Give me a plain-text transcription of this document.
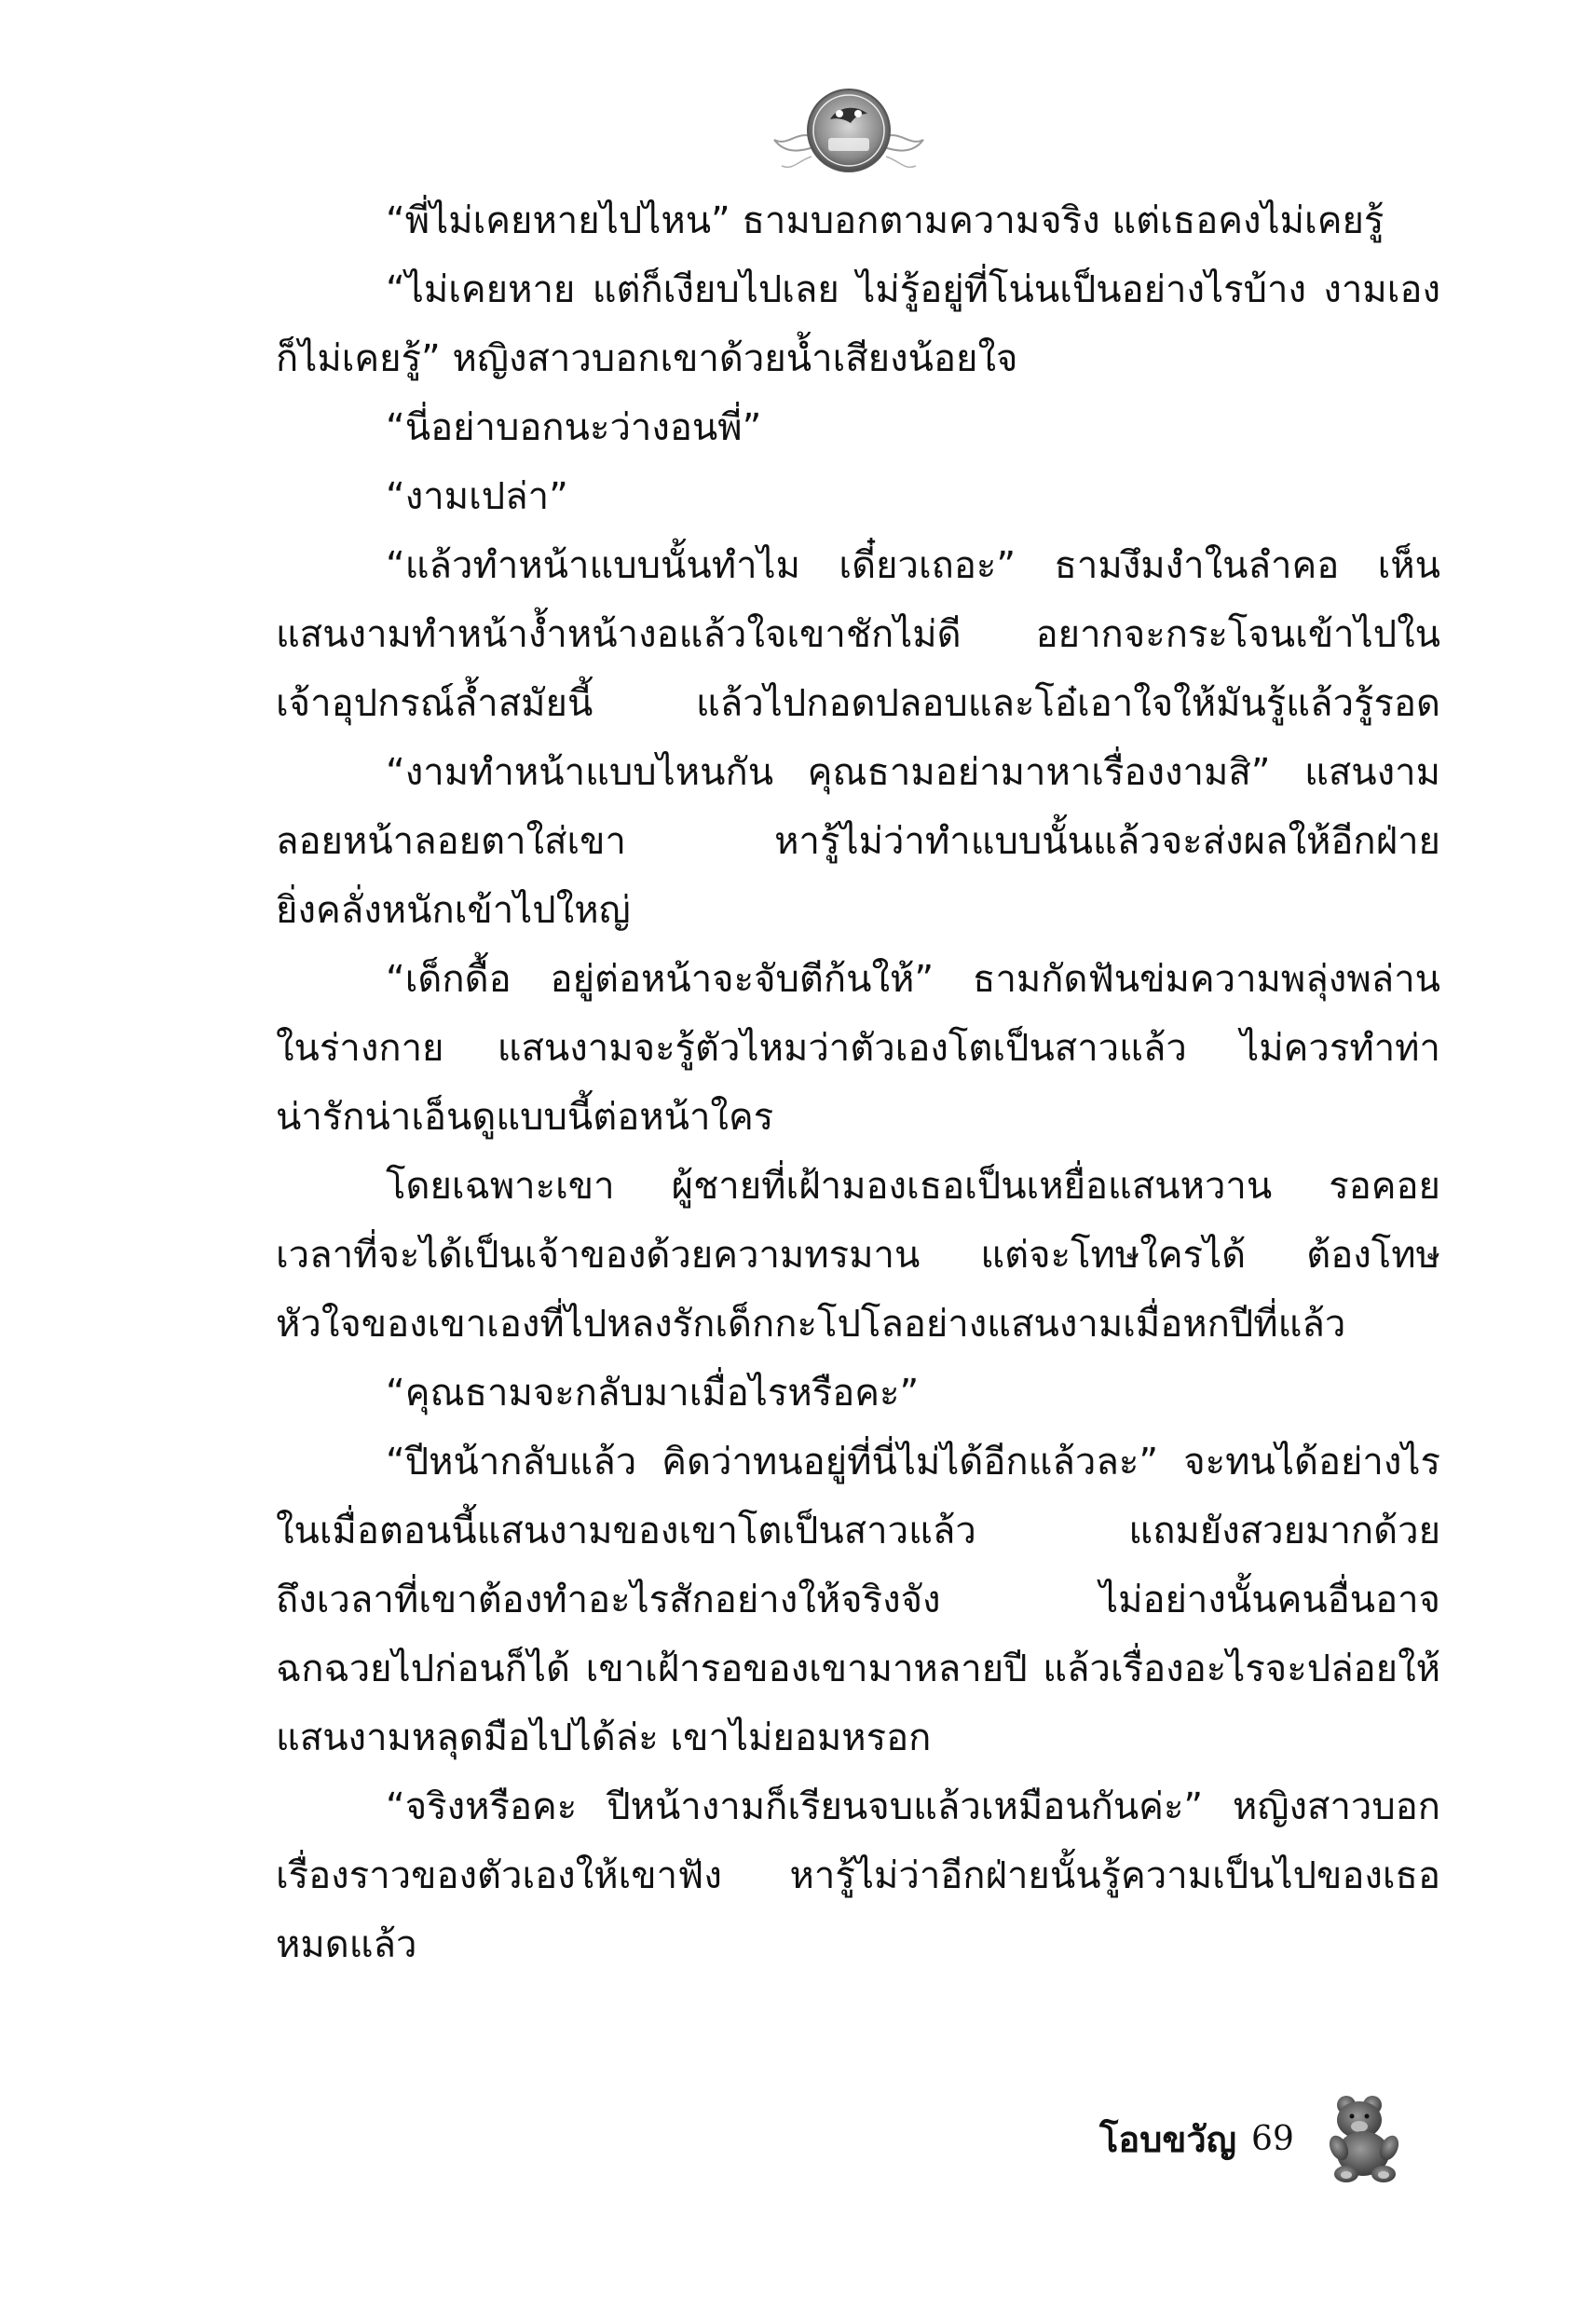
“พี่ไม่เคยหายไปไหน” ธามบอกตามความจริง แต่เธอคงไม่เคยรู้
“ไม่เคยหาย แต่ก็เงียบไปเลย ไม่รู้อยู่ที่โน่นเป็นอย่างไรบ้าง งามเอง
ก็ไม่เคยรู้” หญิงสาวบอกเขาด้วยน้ำเสียงน้อยใจ
“นี่อย่าบอกนะว่างอนพี่”
“งามเปล่า”
“แล้วทำหน้าแบบนั้นทำไม เดี๋ยวเถอะ” ธามงึมงำในลำคอ เห็น
แสนงามทำหน้างํ้าหน้างอแล้วใจเขาชักไม่ดี อยากจะกระโจนเข้าไปใน
เจ้าอุปกรณ์ล้ำสมัยนี้ แล้วไปกอดปลอบและโอ๋เอาใจให้มันรู้แล้วรู้รอด
“งามทำหน้าแบบไหนกัน คุณธามอย่ามาหาเรื่องงามสิ” แสนงาม
ลอยหน้าลอยตาใส่เขา หารู้ไม่ว่าทำแบบนั้นแล้วจะส่งผลให้อีกฝ่าย
ยิ่งคลั่งหนักเข้าไปใหญ่
“เด็กดื้อ อยู่ต่อหน้าจะจับตีก้นให้” ธามกัดฟันข่มความพลุ่งพล่าน
ในร่างกาย แสนงามจะรู้ตัวไหมว่าตัวเองโตเป็นสาวแล้ว ไม่ควรทำท่า
น่ารักน่าเอ็นดูแบบนี้ต่อหน้าใคร
โดยเฉพาะเขา ผู้ชายที่เฝ้ามองเธอเป็นเหยื่อแสนหวาน รอคอย
เวลาที่จะได้เป็นเจ้าของด้วยความทรมาน แต่จะโทษใครได้ ต้องโทษ
หัวใจของเขาเองที่ไปหลงรักเด็กกะโปโลอย่างแสนงามเมื่อหกปีที่แล้ว
“คุณธามจะกลับมาเมื่อไรหรือคะ”
“ปีหน้ากลับแล้ว คิดว่าทนอยู่ที่นี่ไม่ได้อีกแล้วละ” จะทนได้อย่างไร
ในเมื่อตอนนี้แสนงามของเขาโตเป็นสาวแล้ว แถมยังสวยมากด้วย
ถึงเวลาที่เขาต้องทำอะไรสักอย่างให้จริงจัง ไม่อย่างนั้นคนอื่นอาจ
ฉกฉวยไปก่อนก็ได้ เขาเฝ้ารอของเขามาหลายปี แล้วเรื่องอะไรจะปล่อยให้
แสนงามหลุดมือไปได้ล่ะ เขาไม่ยอมหรอก
“จริงหรือคะ ปีหน้างามก็เรียนจบแล้วเหมือนกันค่ะ” หญิงสาวบอก
เรื่องราวของตัวเองให้เขาฟัง หารู้ไม่ว่าอีกฝ่ายนั้นรู้ความเป็นไปของเธอ
หมดแล้ว
โอบขวัญ 69
